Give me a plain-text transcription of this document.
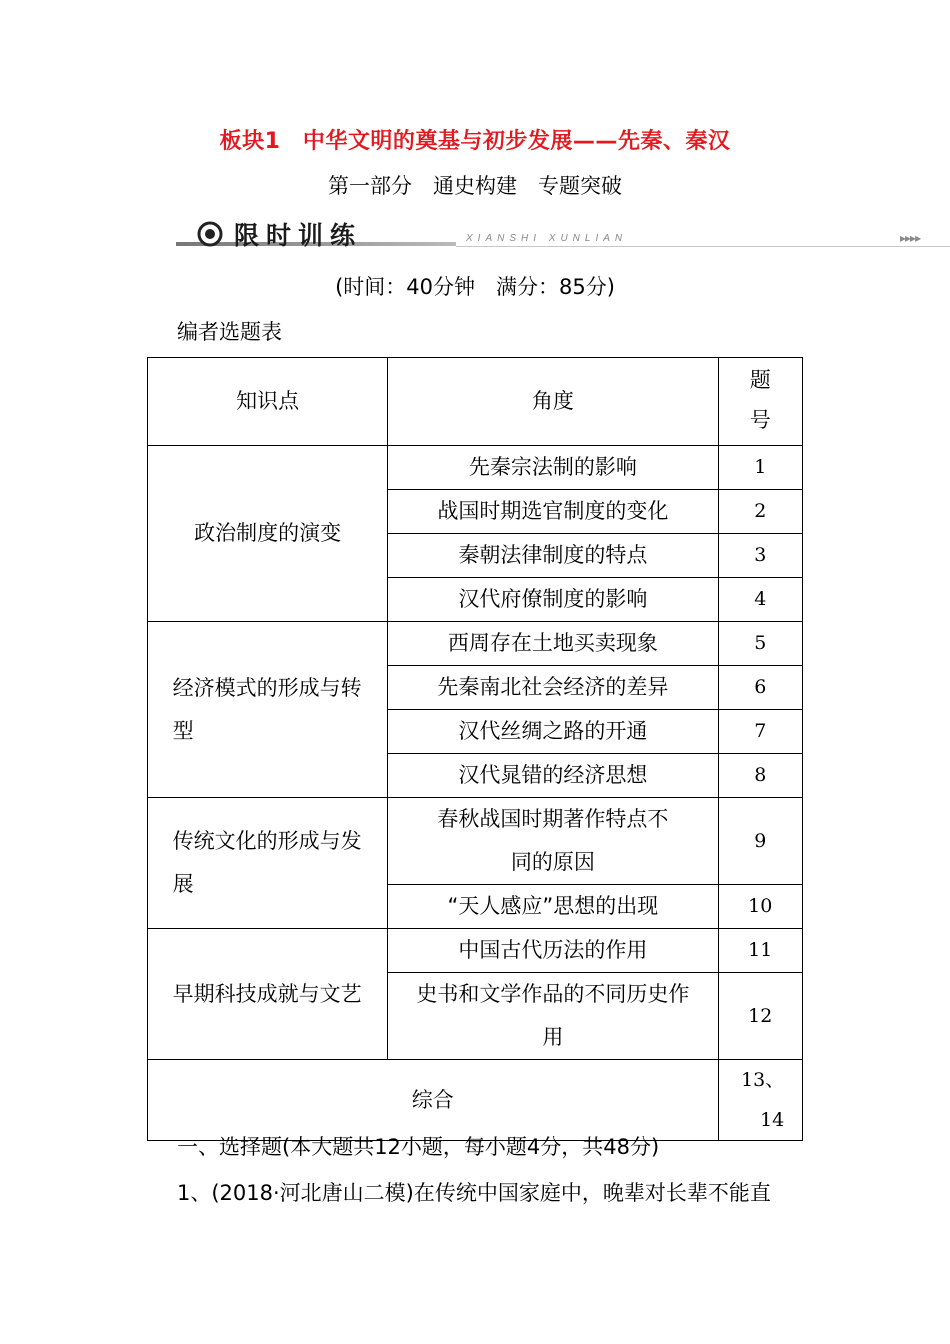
板块1　中华文明的奠基与初步发展——先秦、秦汉
第一部分　通史构建　专题突破
限时训练	XIANSHI XUNLIAN	▸▸▸▸
(时间：40分钟　满分：85分)
编者选题表
知识点	角度	题号

政治制度的演变	先秦宗法制的影响	1
	战国时期选官制度的变化	2
	秦朝法律制度的特点	3
	汉代府僚制度的影响	4

经济模式的形成与转型	西周存在土地买卖现象	5
	先秦南北社会经济的差异	6
	汉代丝绸之路的开通	7
	汉代晁错的经济思想	8

传统文化的形成与发展	春秋战国时期著作特点不同的原因	9
	“天人感应”思想的出现	10

早期科技成就与文艺	中国古代历法的作用	11

	史书和文学作品的不同历史作用	12
综合		13、14
一、选择题(本大题共12小题，每小题4分，共48分)
1、(2018·河北唐山二模)在传统中国家庭中，晚辈对长辈不能直
